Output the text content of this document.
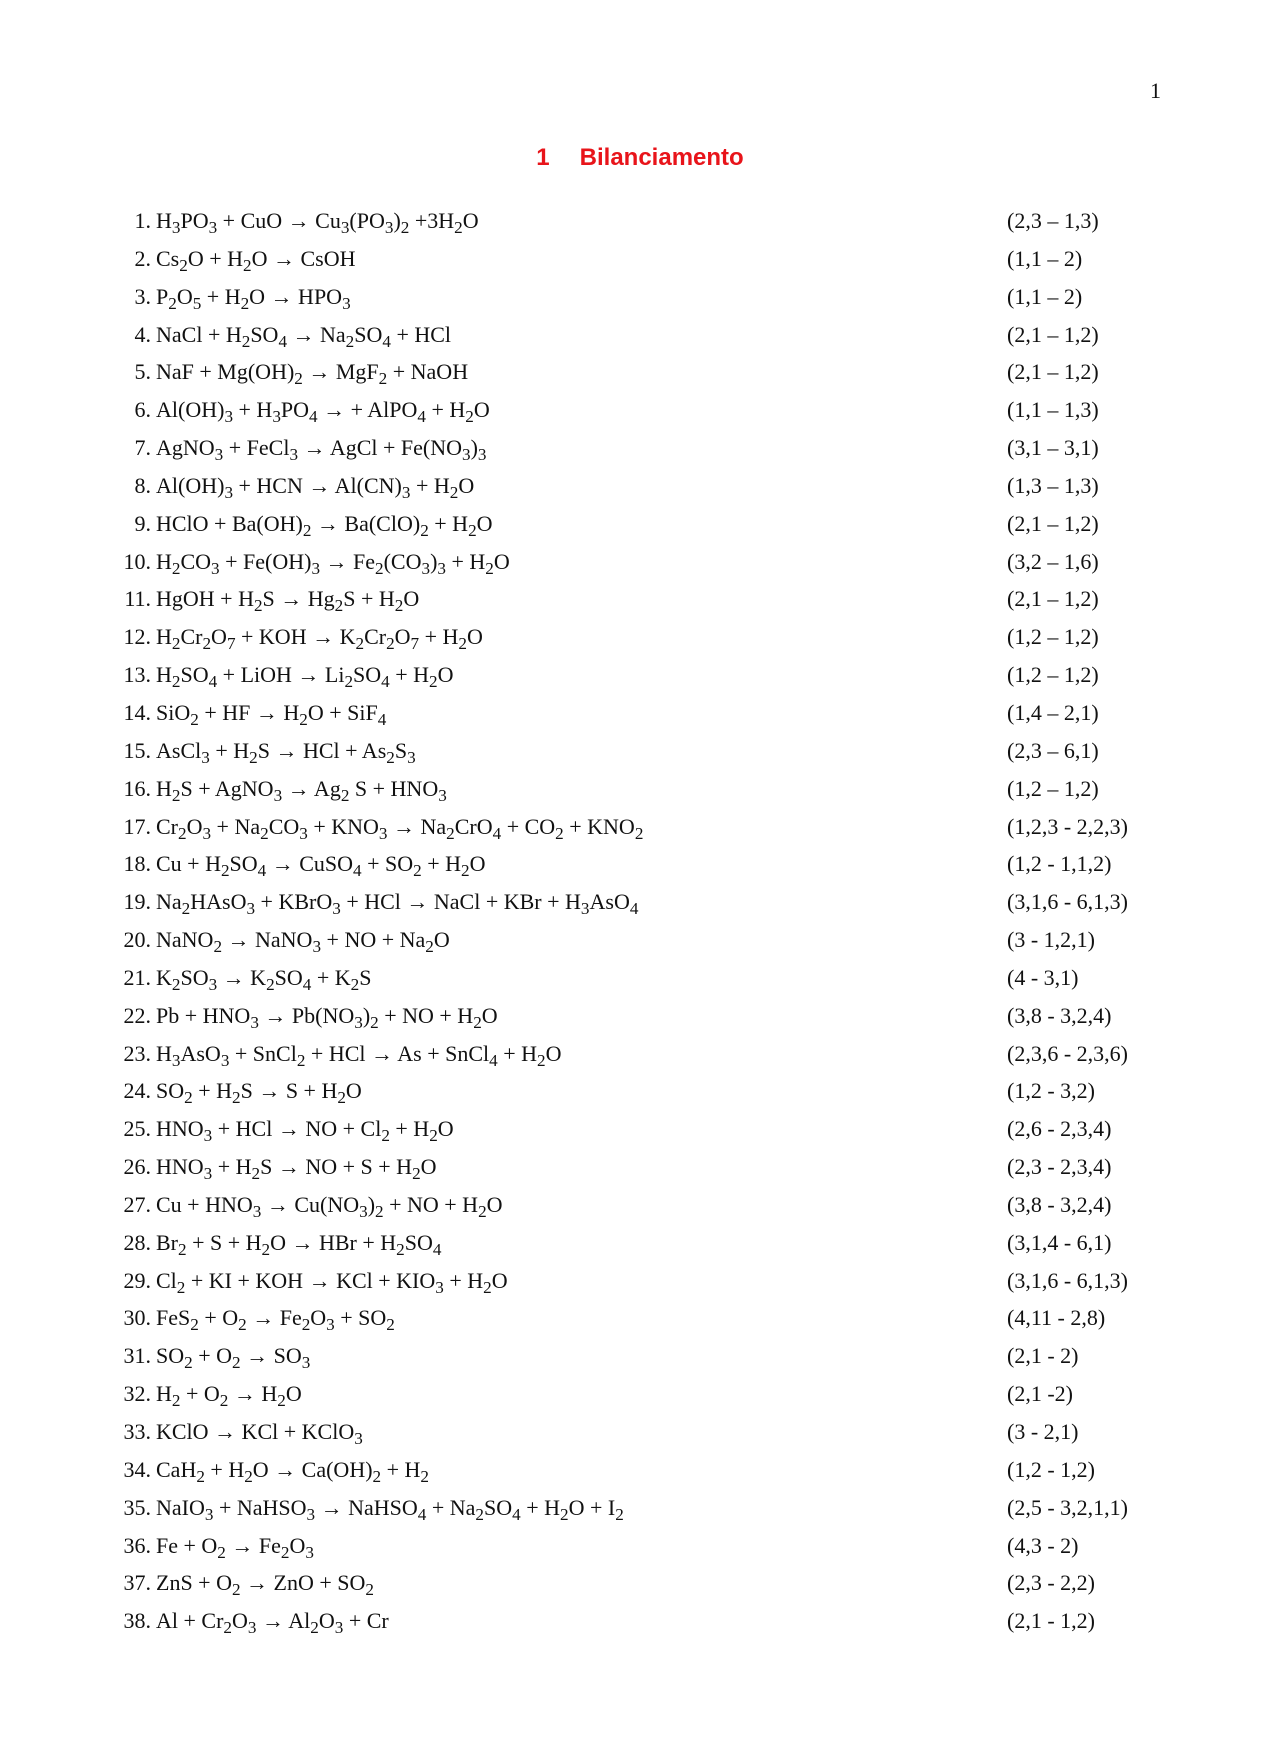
1
1 Bilanciamento
1. $H_3PO_3$ + CuO → $Cu_3(PO_3)_2 +3H_2O$	(2,3 – 1,3)
2. $Cs_2O + H_2O$ → CsOH	(1,1 – 2)
3. $P_2O_5 + H_2O \to HPO_3$	(1,1 – 2)
4. NaCl + $H_2SO_4 \to Na_2SO_4$ + HCl	(2,1 – 1,2)
5. NaF + $Mg(OH)_2 \to MgF_2$ + NaOH	(2,1 – 1,2)
6. $Al(OH)_3 + H_3PO_4$ → + AlPO$_4$ + $H_2O$	(1,1 – 1,3)
7. AgNO$_3$ + FeCl$_3$ → AgCl + $Fe(NO_3)_3$	(3,1 – 3,1)
8. $Al(OH)_3$ + HCN → $Al(CN)_3 + H_2O$	(1,3 – 1,3)
9. HClO + $Ba(OH)_2 \to Ba(ClO)_2 + H_2O$	(2,1 – 1,2)
10. $H_2CO_3 + Fe(OH)_3 \to Fe_2(CO_3)_3 + H_2O$	(3,2 – 1,6)
11. HgOH + $H_2S \to Hg_2S + H_2O$	(2,1 – 1,2)
12. $H_2Cr_2O_7$ + KOH → $K_2Cr_2O_7 + H_2O$	(1,2 – 1,2)
13. $H_2SO_4$ + LiOH → $Li_2SO_4 + H_2O$	(1,2 – 1,2)
14. SiO$_2$ + HF → $H_2O + SiF_4$	(1,4 – 2,1)
15. AsCl$_3$ + $H_2S$ → HCl + $As_2S_3$	(2,3 – 6,1)
16. $H_2S$ + AgNO$_3$ → $Ag_2$ $S + HNO_3$	(1,2 – 1,2)
17. $Cr_2O_3 + Na_2CO_3 + KNO_3 \to Na_2CrO_4 + CO_2 + KNO_2$	(1,2,3 - 2,2,3)
18. $Cu + H_2SO_4$ → CuSO$_4$ + $SO_2 + H_2O$	(1,2 - 1,1,2)
19. $Na_2HAsO_3$ + KBrO$_3$ + HCl → NaCl + KBr + $H_3AsO_4$	(3,1,6 - 6,1,3)
20. NaNO$_2$ → NaNO$_3$ + NO + $Na_2O$	(3 - 1,2,1)
21. $K_2SO_3 \to K_2SO_4 + K_2S$	(4 - 3,1)
22. $Pb + HNO_3 \to Pb(NO_3)_2$ + NO + $H_2O$	(3,8 - 3,2,4)
23. $H_3AsO_3$ + SnCl$_2$ + HCl → As + SnCl$_4$ + $H_2O$	(2,3,6 - 2,3,6)
24. $SO_2 + H_2S \to S + H_2O$	(1,2 - 3,2)
25. $HNO_3$ + HCl → NO + $Cl_2 + H_2O$	(2,6 - 2,3,4)
26. $HNO_3 + H_2S$ → NO + $S + H_2O$	(2,3 - 2,3,4)
27. $Cu + HNO_3 \to Cu(NO_3)_2$ + NO + $H_2O$	(3,8 - 3,2,4)
28. $Br_2 + S + H_2O$ → HBr + $H_2SO_4$	(3,1,4 - 6,1)
29. $Cl_2$ + KI + KOH → KCl + $KIO_3 + H_2O$	(3,1,6 - 6,1,3)
30. $FeS_2 + O_2 \to Fe_2O_3 + SO_2$	(4,11 - 2,8)
31. $SO_2 + O_2 \to SO_3$	(2,1 - 2)
32. $H_2 + O_2 \to H_2O$	(2,1 -2)
33. KClO → KCl + KClO$_3$	(3 - 2,1)
34. $CaH_2 + H_2O \to Ca(OH)_2 + H_2$	(1,2 - 1,2)
35. NaIO$_3$ + NaHSO$_3$ → NaHSO$_4$ + $Na_2SO_4 + H_2O + I_2$	(2,5 - 3,2,1,1)
36. $Fe + O_2 \to Fe_2O_3$	(4,3 - 2)
37. ZnS + $O_2$ → ZnO + $SO_2$	(2,3 - 2,2)
38. $Al + Cr_2O_3 \to Al_2O_3 + Cr$	(2,1 - 1,2)
